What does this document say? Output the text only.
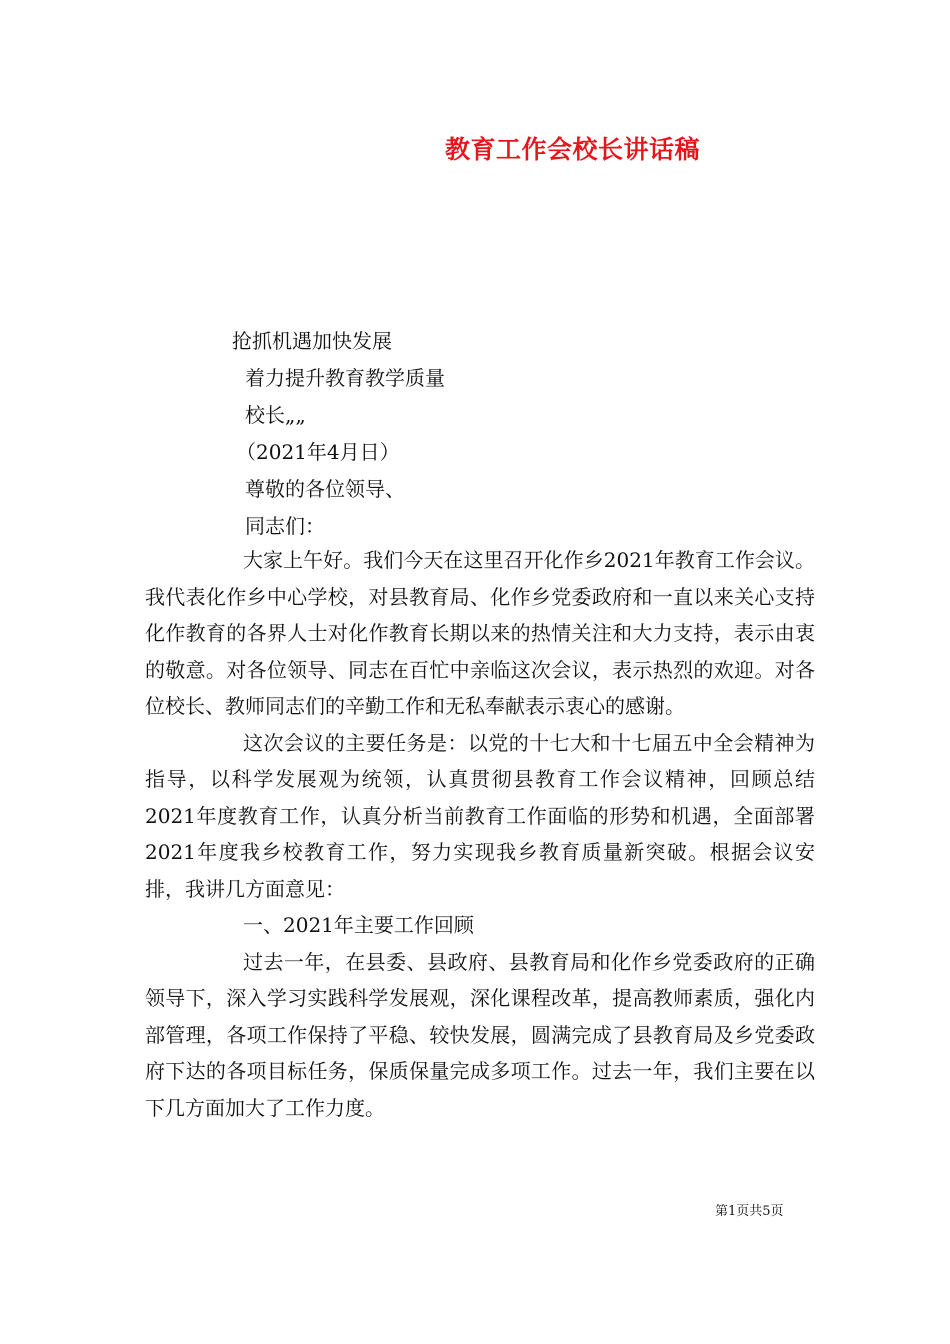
教育工作会校长讲话稿
抢抓机遇加快发展
着力提升教育教学质量
校长„„
（2021年4月日）
尊敬的各位领导、
同志们：

大家上午好。我们今天在这里召开化作乡2021年教育工作会议。我代表化作乡中心学校，对县教育局、化作乡党委政府和一直以来关心支持化作教育的各界人士对化作教育长期以来的热情关注和大力支持，表示由衷的敬意。对各位领导、同志在百忙中亲临这次会议，表示热烈的欢迎。对各位校长、教师同志们的辛勤工作和无私奉献表示衷心的感谢。

这次会议的主要任务是：以党的十七大和十七届五中全会精神为指导，以科学发展观为统领，认真贯彻县教育工作会议精神，回顾总结2021年度教育工作，认真分析当前教育工作面临的形势和机遇，全面部署2021年度我乡校教育工作，努力实现我乡教育质量新突破。根据会议安排，我讲几方面意见：

一、2021年主要工作回顾

过去一年，在县委、县政府、县教育局和化作乡党委政府的正确领导下，深入学习实践科学发展观，深化课程改革，提高教师素质，强化内部管理，各项工作保持了平稳、较快发展，圆满完成了县教育局及乡党委政府下达的各项目标任务，保质保量完成多项工作。过去一年，我们主要在以下几方面加大了工作力度。

第1页共5页
